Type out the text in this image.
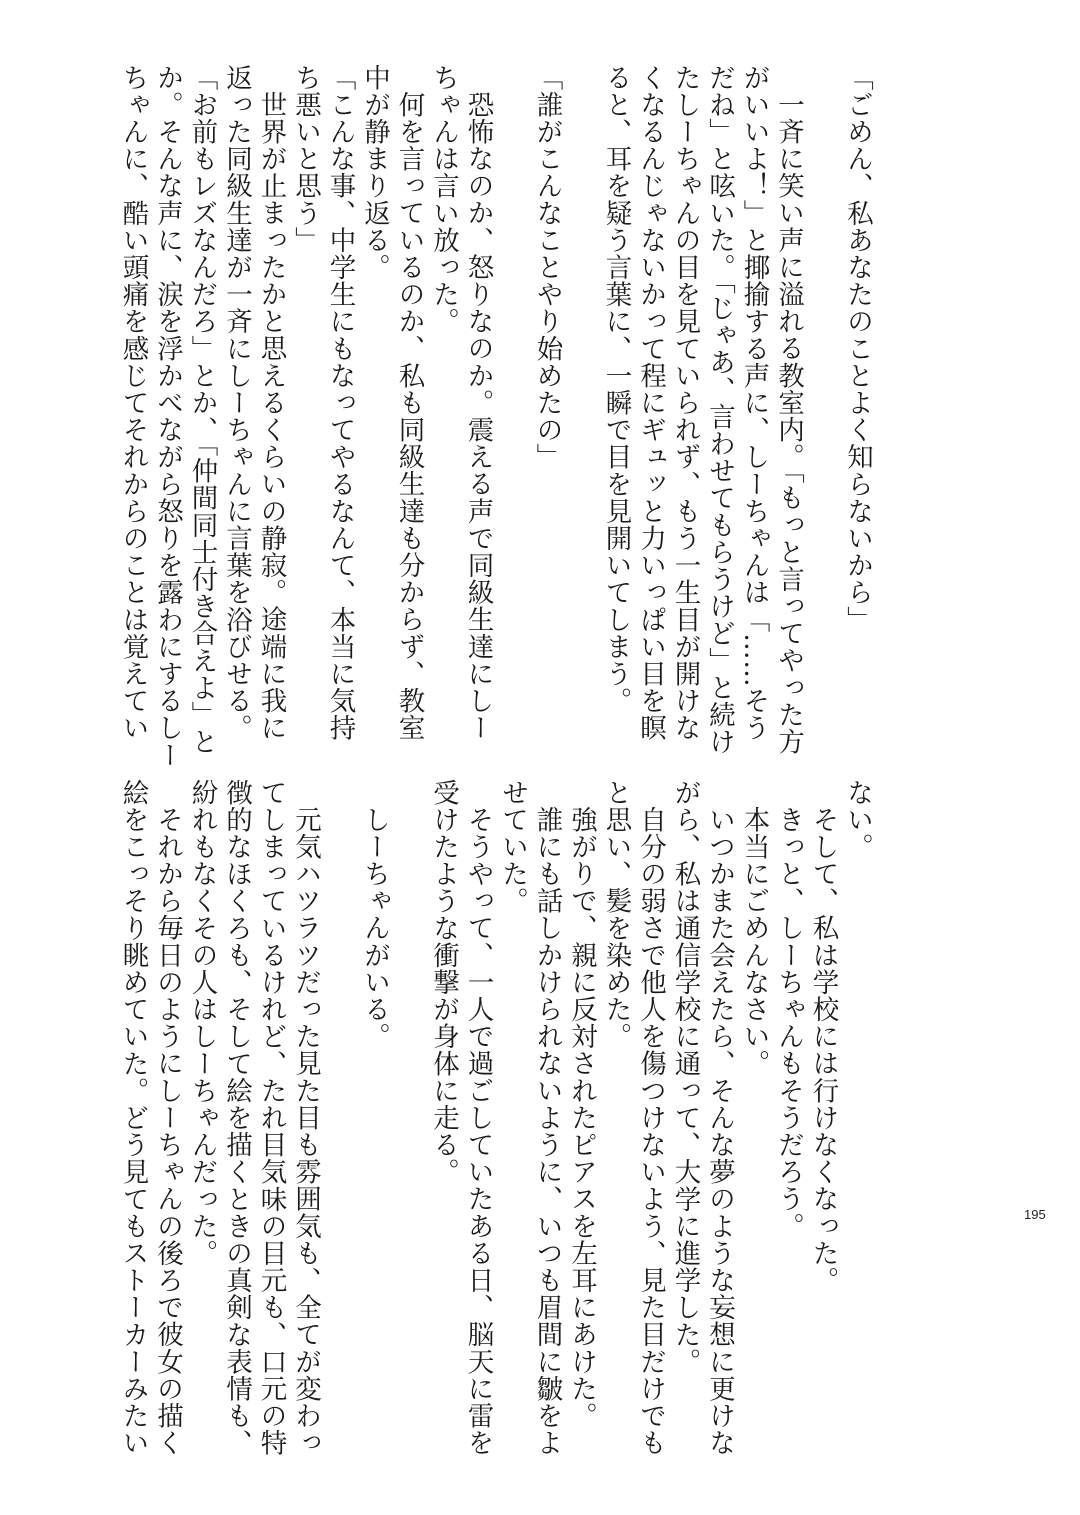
「ごめん、私あなたのことよく知らないから」
一斉に笑い声に溢れる教室内。「もっと言ってやった方
がいいよ！」と揶揄する声に、しーちゃんは「……そう
だね」と呟いた。「じゃあ、言わせてもらうけど」と続け
たしーちゃんの目を見ていられず、もう一生目が開けな
くなるんじゃないかって程にギュッと力いっぱい目を瞑
ると、耳を疑う言葉に、一瞬で目を見開いてしまう。
「誰がこんなことやり始めたの」
恐怖なのか、怒りなのか。震える声で同級生達にしー
ちゃんは言い放った。
何を言っているのか、私も同級生達も分からず、教室
中が静まり返る。
「こんな事、中学生にもなってやるなんて、本当に気持
ち悪いと思う」
世界が止まったかと思えるくらいの静寂。途端に我に
返った同級生達が一斉にしーちゃんに言葉を浴びせる。
「お前もレズなんだろ」とか、「仲間同士付き合えよ」と
か。そんな声に、涙を浮かべながら怒りを露わにするしー
ちゃんに、酷い頭痛を感じてそれからのことは覚えてい
ない。
そして、私は学校には行けなくなった。
きっと、しーちゃんもそうだろう。
本当にごめんなさい。
いつかまた会えたら、そんな夢のような妄想に更けな
がら、私は通信学校に通って、大学に進学した。
自分の弱さで他人を傷つけないよう、見た目だけでも
と思い、髪を染めた。
強がりで、親に反対されたピアスを左耳にあけた。
誰にも話しかけられないように、いつも眉間に皺をよ
せていた。
そうやって、一人で過ごしていたある日、脳天に雷を
受けたような衝撃が身体に走る。
しーちゃんがいる。
元気ハツラツだった見た目も雰囲気も、全てが変わっ
てしまっているけれど、たれ目気味の目元も、口元の特
徴的なほくろも、そして絵を描くときの真剣な表情も、
紛れもなくその人はしーちゃんだった。
それから毎日のようにしーちゃんの後ろで彼女の描く
絵をこっそり眺めていた。どう見てもストーカーみたい	195
